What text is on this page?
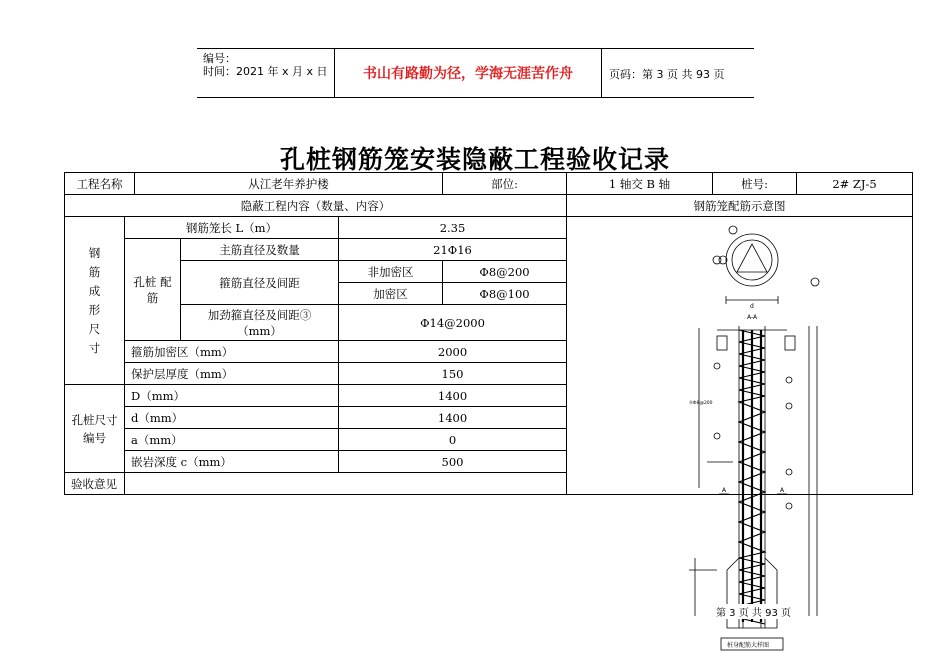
编号：
时间：2021 年 x 月 x 日	书山有路勤为径，学海无涯苦作舟	页码：第 3 页 共 93 页
孔桩钢筋笼安装隐蔽工程验收记录
工程名称		从江老年养护楼			部位:	1 轴交 B 轴	桩号:	2# ZJ-5
隐蔽工程内容（数量、内容）						钢筋笼配筋示意图		
钢 筋 成 形 尺 寸	钢筋笼长 L（m）			2.35				
	孔桩 配筋		主筋直径及数量	21Φ16				
			箍筋直径及间距	非加密区	Φ8@200			
				加密区	Φ8@100			
			加劲箍直径及间距③（mm）	Φ14@2000				
	箍筋加密区（mm）			2000				
	保护层厚度（mm）			150				
孔桩尺寸 编号	D（mm）			1400				
	d（mm）			1400				
	a（mm）			0				
	嵌岩深度 c（mm）			500				
验收意见								
A-A
A	A
⑤Φ8@200
d
桩身配筋大样图
第 3 页 共 93 页
